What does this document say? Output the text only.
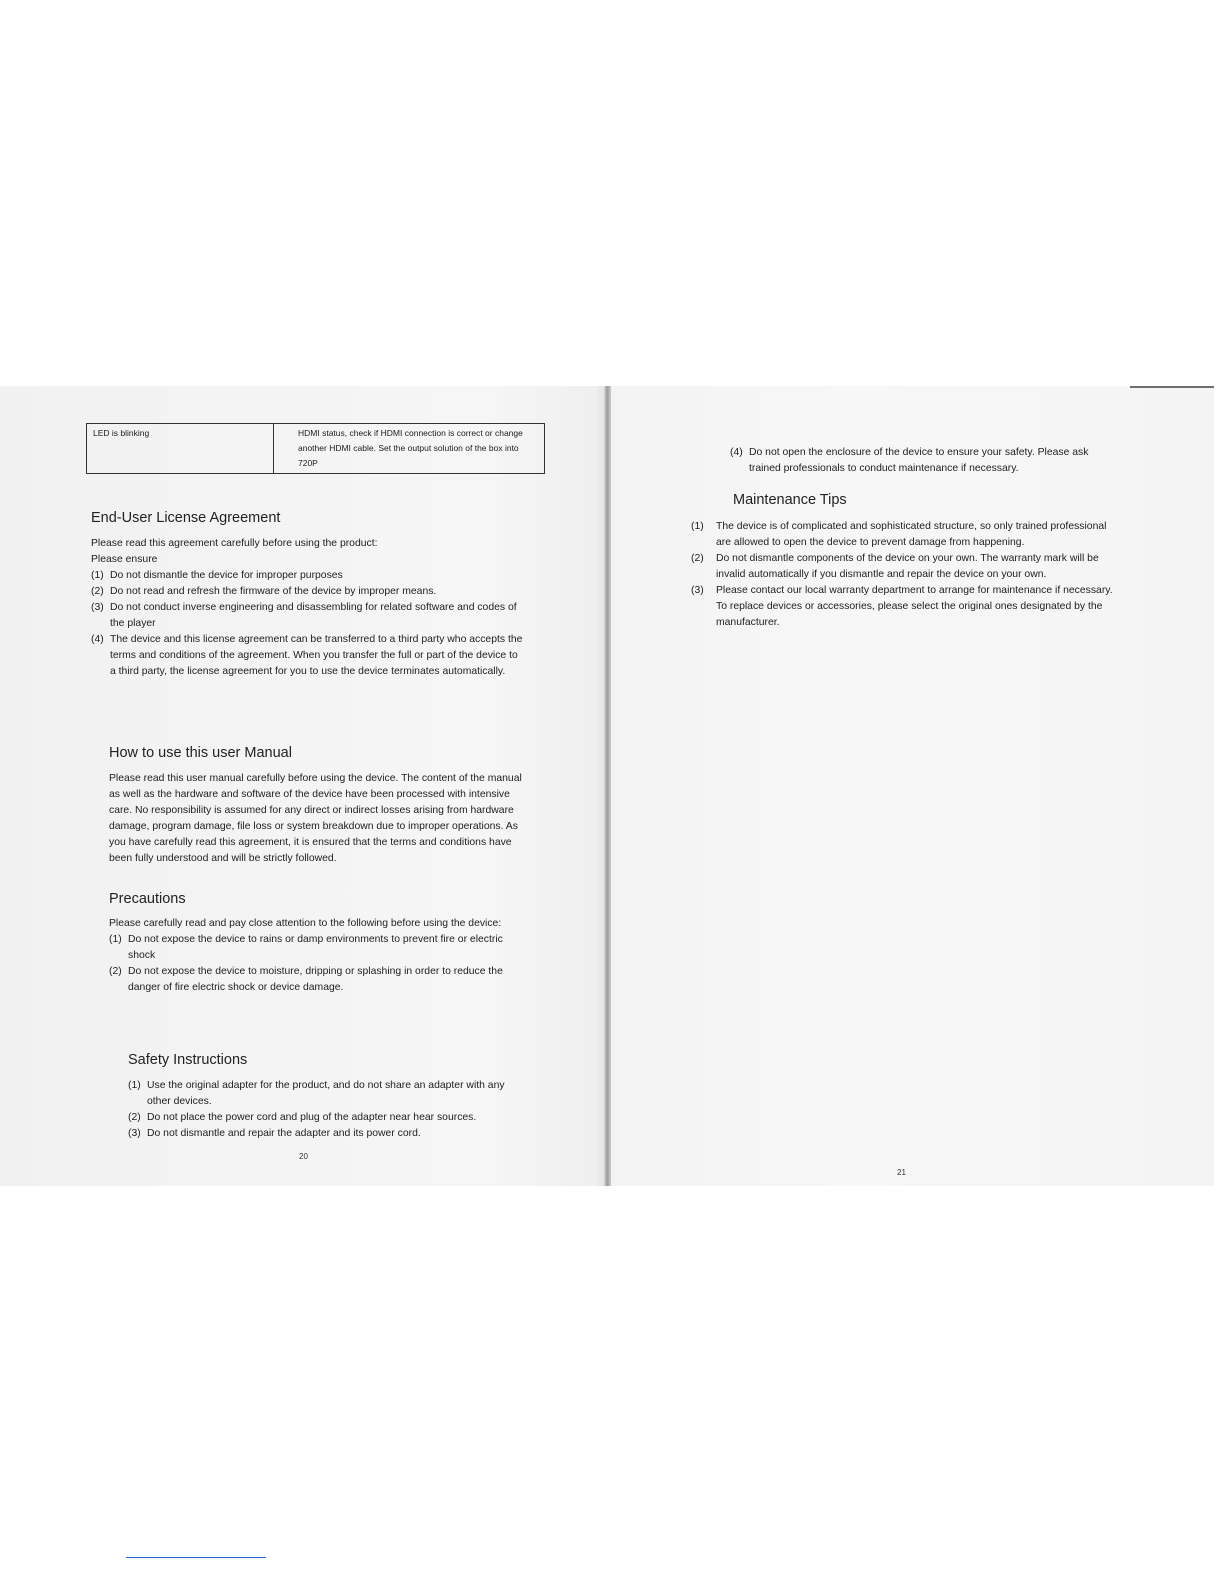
LED is blinking	HDMI status, check if HDMI connection is correct or change another HDMI cable. Set the output solution of the box into 720P
End-User License Agreement

Please read this agreement carefully before using the product:

Please ensure

(1) Do not dismantle the device for improper purposes
(2) Do not read and refresh the firmware of the device by improper means.
(3) Do not conduct inverse engineering and disassembling for related software and codes of the player
(4) The device and this license agreement can be transferred to a third party who accepts the terms and conditions of the agreement. When you transfer the full or part of the device to a third party, the license agreement for you to use the device terminates automatically.
How to use this user Manual

Please read this user manual carefully before using the device. The content of the manual as well as the hardware and software of the device have been processed with intensive care. No responsibility is assumed for any direct or indirect losses arising from hardware damage, program damage, file loss or system breakdown due to improper operations. As you have carefully read this agreement, it is ensured that the terms and conditions have been fully understood and will be strictly followed.

Precautions

Please carefully read and pay close attention to the following before using the device:

(1) Do not expose the device to rains or damp environments to prevent fire or electric shock
(2) Do not expose the device to moisture, dripping or splashing in order to reduce the danger of fire electric shock or device damage.
Safety Instructions
(1) Use the original adapter for the product, and do not share an adapter with any other devices.
(2) Do not place the power cord and plug of the adapter near hear sources.
(3) Do not dismantle and repair the adapter and its power cord.
20
(4) Do not open the enclosure of the device to ensure your safety. Please ask trained professionals to conduct maintenance if necessary.
Maintenance Tips
(1) The device is of complicated and sophisticated structure, so only trained professional are allowed to open the device to prevent damage from happening.
(2) Do not dismantle components of the device on your own. The warranty mark will be invalid automatically if you dismantle and repair the device on your own.
(3) Please contact our local warranty department to arrange for maintenance if necessary. To replace devices or accessories, please select the original ones designated by the manufacturer.
21
